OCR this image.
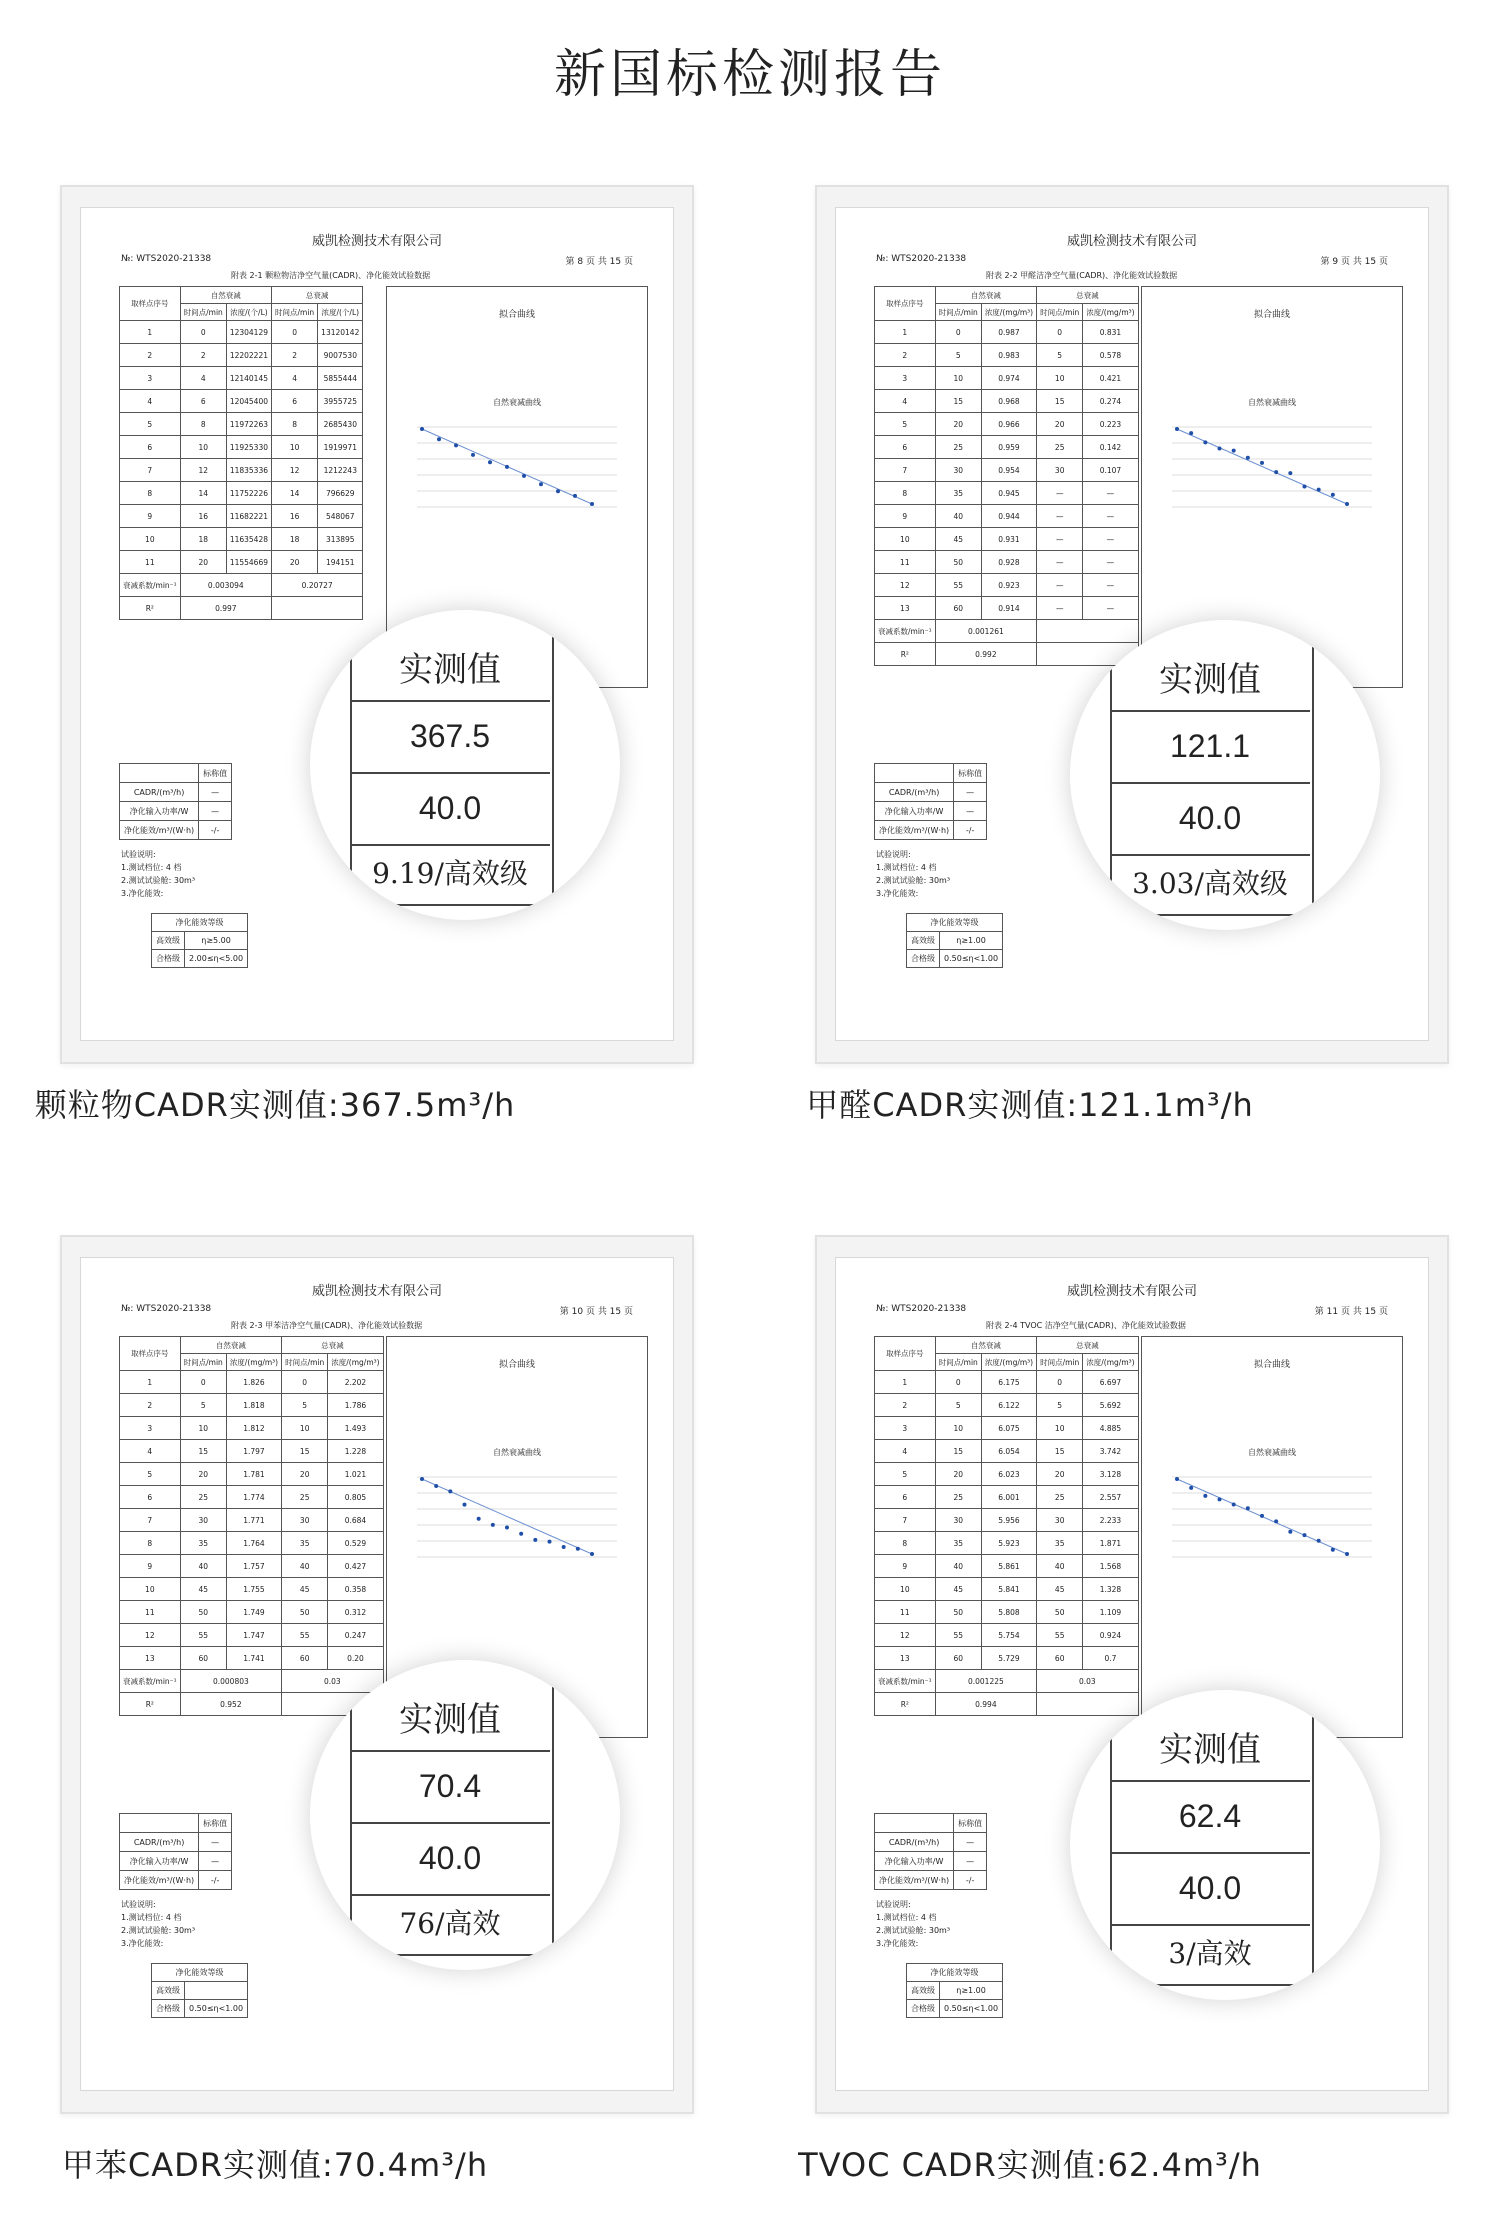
新国标检测报告
威凯检测技术有限公司
№: WTS2020-21338	第 8 页 共 15 页
附表 2-1 颗粒物洁净空气量(CADR)、净化能效试验数据
取样点序号	自然衰减		总衰减	
	时间点/min	浓度/(个/L)	时间点/min	浓度/(个/L)
1	0	12304129	0	13120142
2	2	12202221	2	9007530
3	4	12140145	4	5855444
4	6	12045400	6	3955725
5	8	11972263	8	2685430
6	10	11925330	10	1919971
7	12	11835336	12	1212243
8	14	11752226	14	796629
9	16	11682221	16	548067
10	18	11635428	18	313895
11	20	11554669	20	194151
衰减系数/min⁻¹	0.003094		0.20727	
R²	0.997			
拟合曲线
自然衰减曲线
	标称值
CADR/(m³/h)	—
净化输入功率/W	—
净化能效/m³/(W·h)	-/-
试验说明:
1.测试档位: 4 档
2.测试试验舱: 30m³
3.净化能效:
净化能效等级	
高效级	η≥5.00
合格级	2.00≤η<5.00
实测值
367.5
40.0
9.19/高效级
颗粒物CADR实测值:367.5m³/h
威凯检测技术有限公司
№: WTS2020-21338	第 9 页 共 15 页
附表 2-2 甲醛洁净空气量(CADR)、净化能效试验数据
取样点序号	自然衰减		总衰减	
	时间点/min	浓度/(mg/m³)	时间点/min	浓度/(mg/m³)
1	0	0.987	0	0.831
2	5	0.983	5	0.578
3	10	0.974	10	0.421
4	15	0.968	15	0.274
5	20	0.966	20	0.223
6	25	0.959	25	0.142
7	30	0.954	30	0.107
8	35	0.945	—	—
9	40	0.944	—	—
10	45	0.931	—	—
11	50	0.928	—	—
12	55	0.923	—	—
13	60	0.914	—	—
衰减系数/min⁻¹	0.001261			
R²	0.992			
拟合曲线
自然衰减曲线
	标称值
CADR/(m³/h)	—
净化输入功率/W	—
净化能效/m³/(W·h)	-/-
试验说明:
1.测试档位: 4 档
2.测试试验舱: 30m³
3.净化能效:
净化能效等级	
高效级	η≥1.00
合格级	0.50≤η<1.00
实测值
121.1
40.0
3.03/高效级
甲醛CADR实测值:121.1m³/h
威凯检测技术有限公司
№: WTS2020-21338	第 10 页 共 15 页
附表 2-3 甲苯洁净空气量(CADR)、净化能效试验数据
取样点序号	自然衰减		总衰减	
	时间点/min	浓度/(mg/m³)	时间点/min	浓度/(mg/m³)
1	0	1.826	0	2.202
2	5	1.818	5	1.786
3	10	1.812	10	1.493
4	15	1.797	15	1.228
5	20	1.781	20	1.021
6	25	1.774	25	0.805
7	30	1.771	30	0.684
8	35	1.764	35	0.529
9	40	1.757	40	0.427
10	45	1.755	45	0.358
11	50	1.749	50	0.312
12	55	1.747	55	0.247
13	60	1.741	60	0.20
衰减系数/min⁻¹	0.000803		0.03	
R²	0.952			
拟合曲线
自然衰减曲线
	标称值
CADR/(m³/h)	—
净化输入功率/W	—
净化能效/m³/(W·h)	-/-
试验说明:
1.测试档位: 4 档
2.测试试验舱: 30m³
3.净化能效:
净化能效等级	
高效级	
合格级	0.50≤η<1.00
实测值
70.4
40.0
76/高效
甲苯CADR实测值:70.4m³/h
威凯检测技术有限公司
№: WTS2020-21338	第 11 页 共 15 页
附表 2-4 TVOC 洁净空气量(CADR)、净化能效试验数据
取样点序号	自然衰减		总衰减	
	时间点/min	浓度/(mg/m³)	时间点/min	浓度/(mg/m³)
1	0	6.175	0	6.697
2	5	6.122	5	5.692
3	10	6.075	10	4.885
4	15	6.054	15	3.742
5	20	6.023	20	3.128
6	25	6.001	25	2.557
7	30	5.956	30	2.233
8	35	5.923	35	1.871
9	40	5.861	40	1.568
10	45	5.841	45	1.328
11	50	5.808	50	1.109
12	55	5.754	55	0.924
13	60	5.729	60	0.7
衰减系数/min⁻¹	0.001225		0.03	
R²	0.994			
拟合曲线
自然衰减曲线
	标称值
CADR/(m³/h)	—
净化输入功率/W	—
净化能效/m³/(W·h)	-/-
试验说明:
1.测试档位: 4 档
2.测试试验舱: 30m³
3.净化能效:
净化能效等级	
高效级	η≥1.00
合格级	0.50≤η<1.00
实测值
62.4
40.0
3/高效
TVOC CADR实测值:62.4m³/h
